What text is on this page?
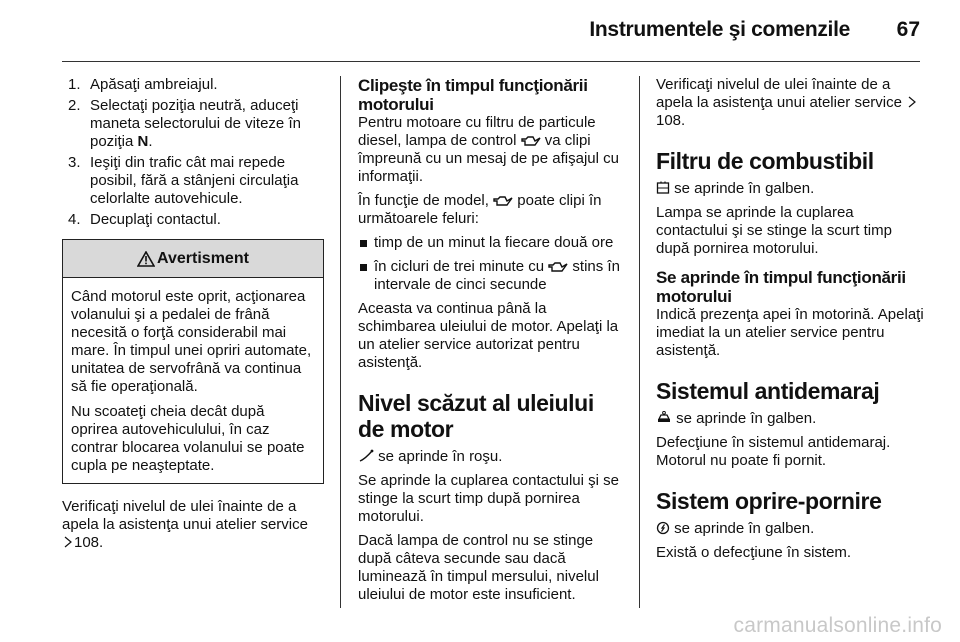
Instrumentele şi comenzile 67
1. Apăsaţi ambreiajul.
2. Selectaţi poziţia neutră, aduceţi maneta selectorului de viteze în poziţia N.
3. Ieşiţi din trafic cât mai repede posibil, fără a stânjeni circulaţia celorlalte autovehicule.
4. Decuplaţi contactul.
Avertisment

Când motorul este oprit, acţionarea volanului şi a pedalei de frână necesită o forţă considerabil mai mare. În timpul unei opriri automate, unitatea de servofrână va continua să fie operaţională.

Nu scoateţi cheia decât după oprirea autovehiculului, în caz contrar blocarea volanului se poate cupla pe neaşteptate.

Verificaţi nivelul de ulei înainte de a apela la asistenţa unui atelier service 108.

Clipeşte în timpul funcţionării motorului

Pentru motoare cu filtru de particule diesel, lampa de control va clipi împreună cu un mesaj de pe afişajul cu informaţii.

În funcţie de model, poate clipi în următoarele feluri:

timp de un minut la fiecare două ore
în cicluri de trei minute cu stins în intervale de cinci secunde

Aceasta va continua până la schimbarea uleiului de motor. Apelaţi la un atelier service autorizat pentru asistenţă.

Nivel scăzut al uleiului de motor

se aprinde în roşu.

Se aprinde la cuplarea contactului şi se stinge la scurt timp după pornirea motorului.

Dacă lampa de control nu se stinge după câteva secunde sau dacă luminează în timpul mersului, nivelul uleiului de motor este insuficient.

Verificaţi nivelul de ulei înainte de a apela la asistenţa unui atelier service 108.

Filtru de combustibil

se aprinde în galben.

Lampa se aprinde la cuplarea contactului şi se stinge la scurt timp după pornirea motorului.

Se aprinde în timpul funcţionării motorului

Indică prezenţa apei în motorină. Apelaţi imediat la un atelier service pentru asistenţă.

Sistemul antidemaraj

se aprinde în galben.

Defecţiune în sistemul antidemaraj. Motorul nu poate fi pornit.

Sistem oprire-pornire

se aprinde în galben.

Există o defecţiune în sistem.

carmanualsonline.info
